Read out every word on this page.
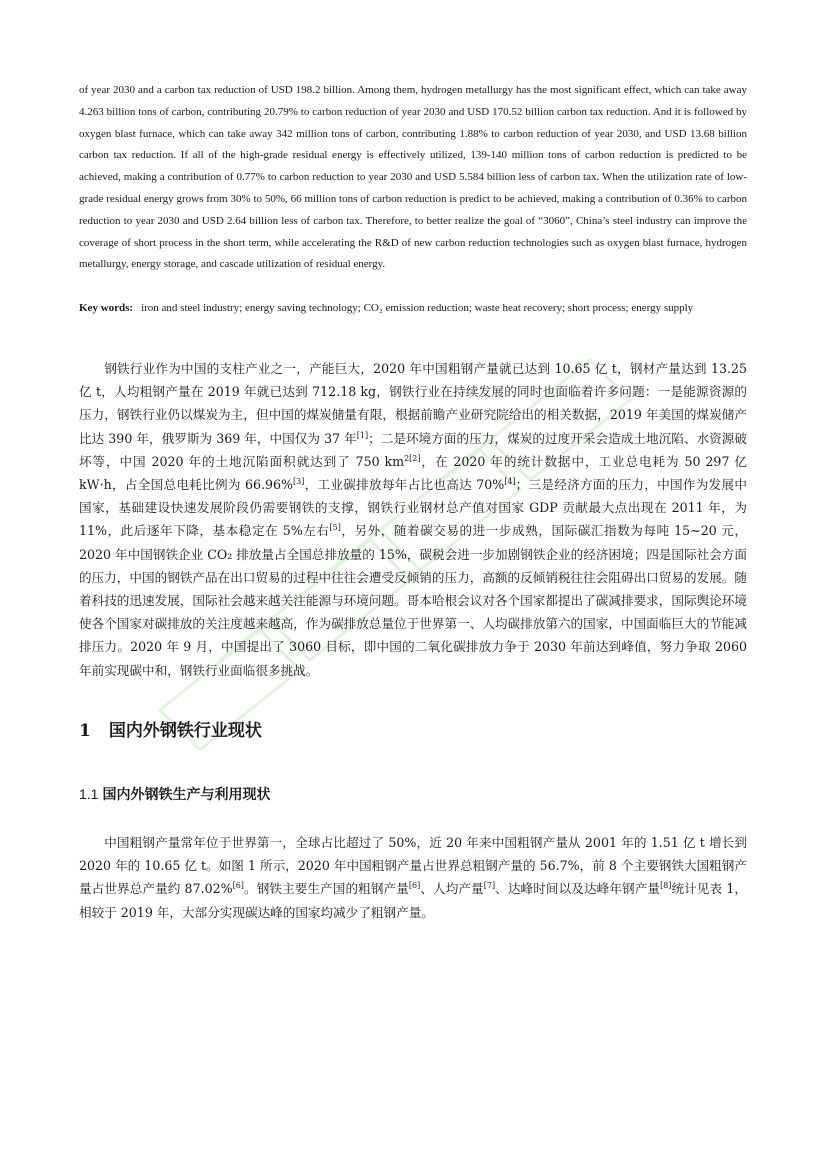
of year 2030 and a carbon tax reduction of USD 198.2 billion. Among them, hydrogen metallurgy has the most significant effect, which can take away 4.263 billion tons of carbon, contributing 20.79% to carbon reduction of year 2030 and USD 170.52 billion carbon tax reduction. And it is followed by oxygen blast furnace, which can take away 342 million tons of carbon, contributing 1.88% to carbon reduction of year 2030, and USD 13.68 billion carbon tax reduction. If all of the high-grade residual energy is effectively utilized, 139-140 million tons of carbon reduction is predicted to be achieved, making a contribution of 0.77% to carbon reduction to year 2030 and USD 5.584 billion less of carbon tax. When the utilization rate of low-grade residual energy grows from 30% to 50%, 66 million tons of carbon reduction is predict to be achieved, making a contribution of 0.36% to carbon reduction to year 2030 and USD 2.64 billion less of carbon tax. Therefore, to better realize the goal of “3060”, China’s steel industry can improve the coverage of short process in the short term, while accelerating the R&D of new carbon reduction technologies such as oxygen blast furnace, hydrogen metallurgy, energy storage, and cascade utilization of residual energy.

Key words: iron and steel industry; energy saving technology; CO₂ emission reduction; waste heat recovery; short process; energy supply

钢铁行业作为中国的支柱产业之一，产能巨大，2020 年中国粗钢产量就已达到 10.65 亿 t，钢材产量达到 13.25 亿 t，人均粗钢产量在 2019 年就已达到 712.18 kg，钢铁行业在持续发展的同时也面临着许多问题：一是能源资源的压力，钢铁行业仍以煤炭为主，但中国的煤炭储量有限，根据前瞻产业研究院给出的相关数据，2019 年美国的煤炭储产比达 390 年，俄罗斯为 369 年，中国仅为 37 年[1]；二是环境方面的压力，煤炭的过度开采会造成土地沉陷、水资源破坏等，中国 2020 年的土地沉陷面积就达到了 750 $km^{2[2]}$，在 2020 年的统计数据中，工业总电耗为 50 297 亿 kW·h，占全国总电耗比例为 66.96%[3]，工业碳排放每年占比也高达 70%[4]；三是经济方面的压力，中国作为发展中国家，基础建设快速发展阶段仍需要钢铁的支撑，钢铁行业钢材总产值对国家 GDP 贡献最大点出现在 2011 年，为 11%，此后逐年下降，基本稳定在 5%左右[5]，另外，随着碳交易的进一步成熟，国际碳汇指数为每吨 15~20 元，2020 年中国钢铁企业 CO₂ 排放量占全国总排放量的 15%，碳税会进一步加剧钢铁企业的经济困境；四是国际社会方面的压力，中国的钢铁产品在出口贸易的过程中往往会遭受反倾销的压力，高额的反倾销税往往会阻碍出口贸易的发展。随着科技的迅速发展，国际社会越来越关注能源与环境问题。哥本哈根会议对各个国家都提出了碳减排要求，国际舆论环境使各个国家对碳排放的关注度越来越高，作为碳排放总量位于世界第一、人均碳排放第六的国家，中国面临巨大的节能减排压力。2020 年 9 月，中国提出了 3060 目标，即中国的二氧化碳排放力争于 2030 年前达到峰值，努力争取 2060 年前实现碳中和，钢铁行业面临很多挑战。

1 国内外钢铁行业现状
1.1 国内外钢铁生产与利用现状

中国粗钢产量常年位于世界第一，全球占比超过了 50%，近 20 年来中国粗钢产量从 2001 年的 1.51 亿 t 增长到 2020 年的 10.65 亿 t。如图 1 所示，2020 年中国粗钢产量占世界总粗钢产量的 56.7%，前 8 个主要钢铁大国粗钢产量占世界总产量约 87.02%[6]。钢铁主要生产国的粗钢产量[6]、人均产量[7]、达峰时间以及达峰年钢产量[8]统计见表 1，相较于 2019 年，大部分实现碳达峰的国家均减少了粗钢产量。
